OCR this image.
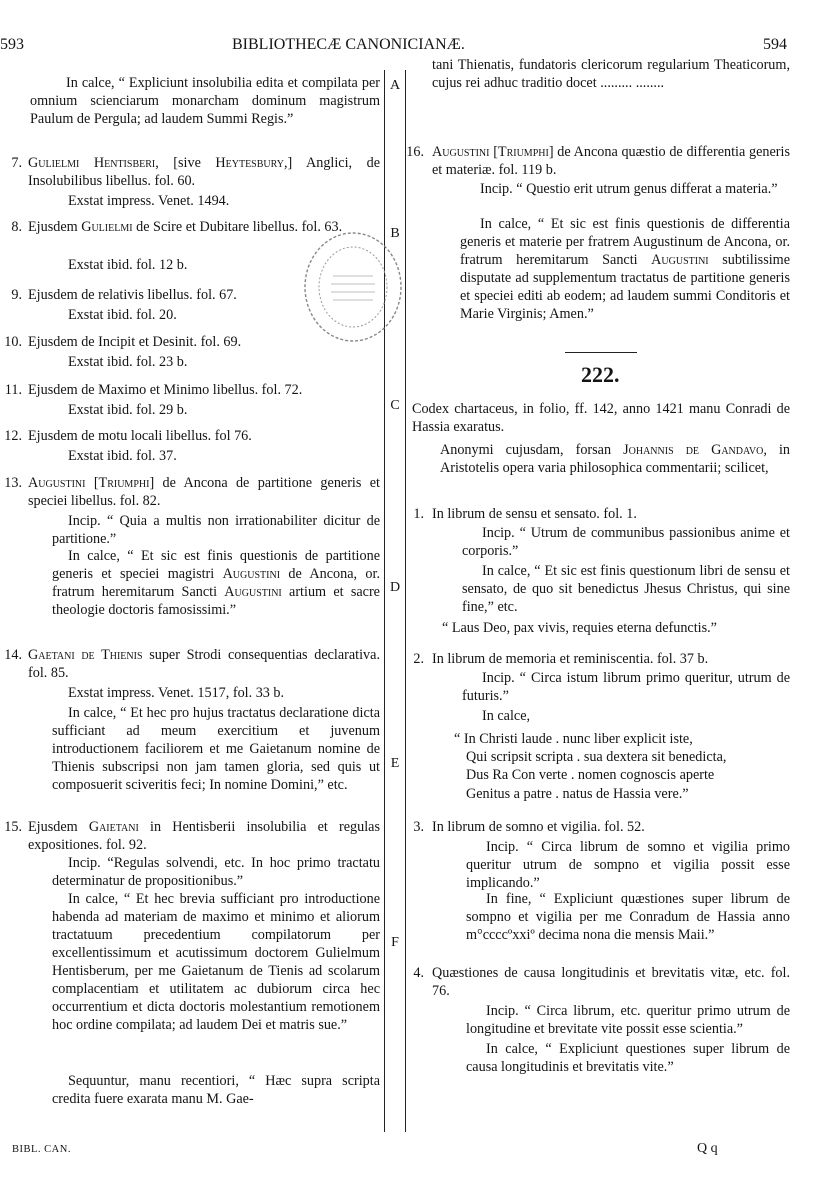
593	BIBLIOTHECÆ CANONICIANÆ.	594
A
B
C
D
E
F
BIBL. CAN.	Q q
In calce, “ Expliciunt insolubilia edita et compilata per omnium scienciarum monarcham dominum magistrum Paulum de Pergula; ad laudem Summi Regis.”
7. Gulielmi Hentisberi, [sive Heytesbury,] Anglici, de Insolubilibus libellus. fol. 60.
Exstat impress. Venet. 1494.
8. Ejusdem Gulielmi de Scire et Dubitare libellus. fol. 63.
Exstat ibid. fol. 12 b.
9. Ejusdem de relativis libellus. fol. 67.
Exstat ibid. fol. 20.
10. Ejusdem de Incipit et Desinit. fol. 69.
Exstat ibid. fol. 23 b.
11. Ejusdem de Maximo et Minimo libellus. fol. 72.
Exstat ibid. fol. 29 b.
12. Ejusdem de motu locali libellus. fol 76.
Exstat ibid. fol. 37.
13. Augustini [Triumphi] de Ancona de partitione generis et speciei libellus. fol. 82.
Incip. “ Quia a multis non irrationabiliter dicitur de partitione.”
In calce, “ Et sic est finis questionis de partitione generis et speciei magistri Augustini de Ancona, or. fratrum heremitarum Sancti Augustini artium et sacre theologie doctoris famosissimi.”
14. Gaetani de Thienis super Strodi consequentias declarativa. fol. 85.
Exstat impress. Venet. 1517, fol. 33 b.
In calce, “ Et hec pro hujus tractatus declaratione dicta sufficiant ad meum exercitium et juvenum introductionem faciliorem et me Gaietanum nomine de Thienis subscripsi non jam tamen gloria, sed quis ut composuerit sciveritis feci; In nomine Domini,” etc.
15. Ejusdem Gaietani in Hentisberii insolubilia et regulas expositiones. fol. 92.
Incip. “Regulas solvendi, etc. In hoc primo tractatu determinatur de propositionibus.”
In calce, “ Et hec brevia sufficiant pro introductione habenda ad materiam de maximo et minimo et aliorum tractatuum precedentium compilatorum per excellentissimum et acutissimum doctorem Gulielmum Hentisberum, per me Gaietanum de Tienis ad scolarum complacentiam et utilitatem ac dubiorum circa hec occurrentium et dicta doctoris molestantium remotionem hoc ordine compilata; ad laudem Dei et matris sue.”
Sequuntur, manu recentiori, “ Hæc supra scripta credita fuere exarata manu M. Gae-
tani Thienatis, fundatoris clericorum regularium Theaticorum, cujus rei adhuc traditio docet ......... ........
16. Augustini [Triumphi] de Ancona quæstio de differentia generis et materiæ. fol. 119 b.
Incip. “ Questio erit utrum genus differat a materia.”
In calce, “ Et sic est finis questionis de differentia generis et materie per fratrem Augustinum de Ancona, or. fratrum heremitarum Sancti Augustini subtilissime disputate ad supplementum tractatus de partitione generis et speciei editi ab eodem; ad laudem summi Conditoris et Marie Virginis; Amen.”
222.
Codex chartaceus, in folio, ff. 142, anno 1421 manu Conradi de Hassia exaratus.
Anonymi cujusdam, forsan Johannis de Gandavo, in Aristotelis opera varia philosophica commentarii; scilicet,
1. In librum de sensu et sensato. fol. 1.
Incip. “ Utrum de communibus passionibus anime et corporis.”
In calce, “ Et sic est finis questionum libri de sensu et sensato, de quo sit benedictus Jhesus Christus, qui sine fine,” etc.
“ Laus Deo, pax vivis, requies eterna defunctis.”
2. In librum de memoria et reminiscentia. fol. 37 b.
Incip. “ Circa istum librum primo queritur, utrum de futuris.”
In calce,
“ In Christi laude . nunc liber explicit iste,
Qui scripsit scripta . sua dextera sit benedicta,
Dus Ra Con verte . nomen cognoscis aperte
Genitus a patre . natus de Hassia vere.”
3. In librum de somno et vigilia. fol. 52.
Incip. “ Circa librum de somno et vigilia primo queritur utrum de sompno et vigilia possit esse implicando.”
In fine, “ Expliciunt quæstiones super librum de sompno et vigilia per me Conradum de Hassia anno m°ccccºxxiº decima nona die mensis Maii.”
4. Quæstiones de causa longitudinis et brevitatis vitæ, etc. fol. 76.
Incip. “ Circa librum, etc. queritur primo utrum de longitudine et brevitate vite possit esse scientia.”
In calce, “ Expliciunt questiones super librum de causa longitudinis et brevitatis vite.”
